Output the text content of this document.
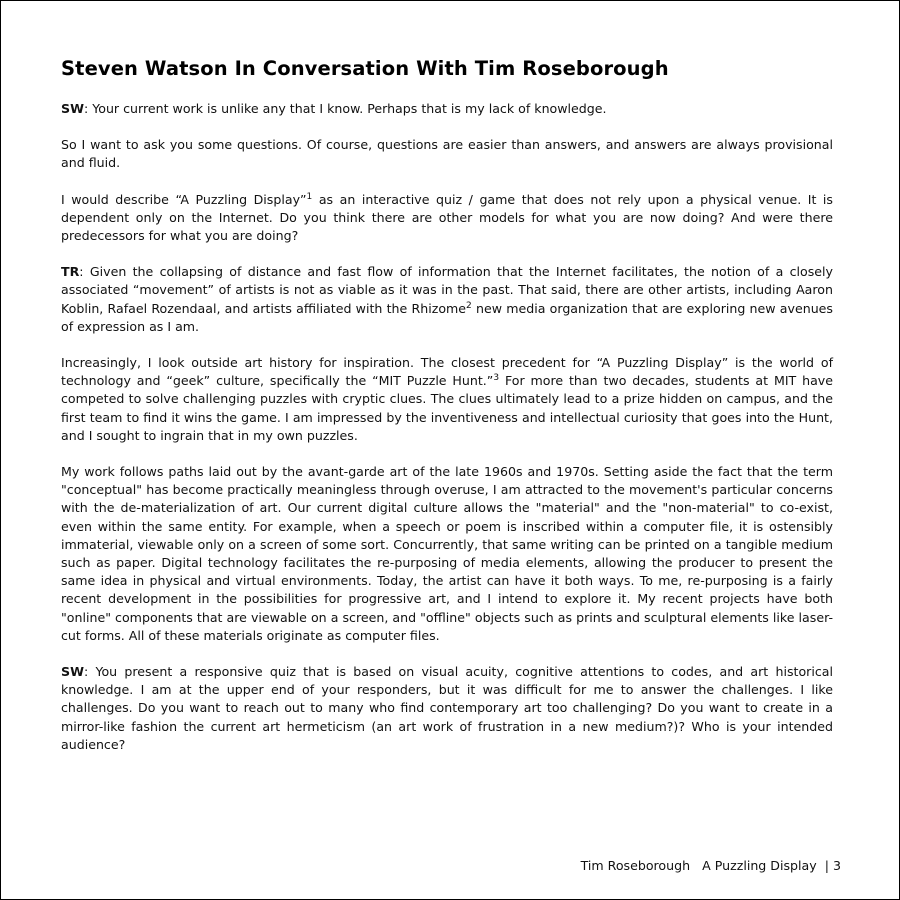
Steven Watson In Conversation With Tim Roseborough

SW: Your current work is unlike any that I know. Perhaps that is my lack of knowledge.

So I want to ask you some questions. Of course, questions are easier than answers, and answers are always provisional and fluid.

I would describe “A Puzzling Display”$^1$ as an interactive quiz / game that does not rely upon a physical venue. It is dependent only on the Internet. Do you think there are other models for what you are now doing? And were there predecessors for what you are doing?

TR: Given the collapsing of distance and fast flow of information that the Internet facilitates, the notion of a closely associated “movement” of artists is not as viable as it was in the past. That said, there are other artists, including Aaron Koblin, Rafael Rozendaal, and artists affiliated with the Rhizome$^2$ new media organization that are exploring new avenues of expression as I am.

Increasingly, I look outside art history for inspiration. The closest precedent for “A Puzzling Display” is the world of technology and “geek” culture, specifically the “MIT Puzzle Hunt.”$^3$ For more than two decades, students at MIT have competed to solve challenging puzzles with cryptic clues. The clues ultimately lead to a prize hidden on campus, and the first team to find it wins the game. I am impressed by the inventiveness and intellectual curiosity that goes into the Hunt, and I sought to ingrain that in my own puzzles.

My work follows paths laid out by the avant-garde art of the late 1960s and 1970s. Setting aside the fact that the term "conceptual" has become practically meaningless through overuse, I am attracted to the movement's particular concerns with the de-materialization of art. Our current digital culture allows the "material" and the "non-material" to co-exist, even within the same entity. For example, when a speech or poem is inscribed within a computer file, it is ostensibly immaterial, viewable only on a screen of some sort. Concurrently, that same writing can be printed on a tangible medium such as paper. Digital technology facilitates the re-purposing of media elements, allowing the producer to present the same idea in physical and virtual environments. Today, the artist can have it both ways. To me, re-purposing is a fairly recent development in the possibilities for progressive art, and I intend to explore it. My recent projects have both "online" components that are viewable on a screen, and "offline" objects such as prints and sculptural elements like laser-cut forms. All of these materials originate as computer files.

SW: You present a responsive quiz that is based on visual acuity, cognitive attentions to codes, and art historical knowledge. I am at the upper end of your responders, but it was difficult for me to answer the challenges. I like challenges. Do you want to reach out to many who find contemporary art too challenging? Do you want to create in a mirror-like fashion the current art hermeticism (an art work of frustration in a new medium?)? Who is your intended audience?

Tim Roseborough A Puzzling Display | 3
